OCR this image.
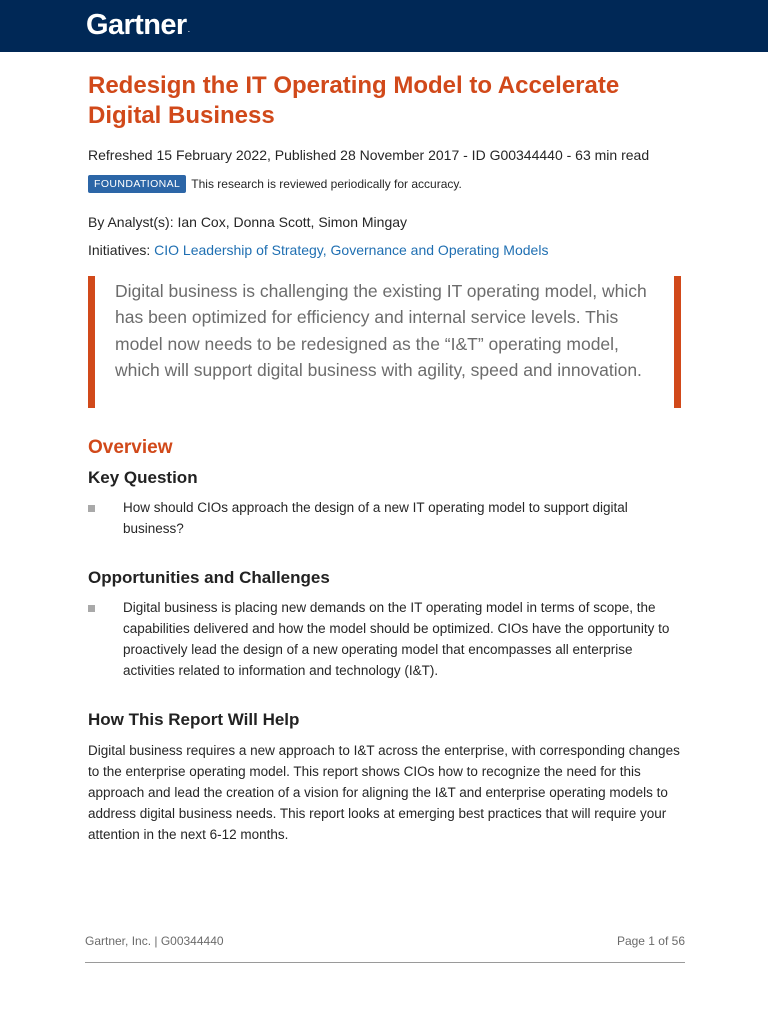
Gartner.
Redesign the IT Operating Model to Accelerate Digital Business
Refreshed 15 February 2022, Published 28 November 2017 - ID G00344440 - 63 min read
FOUNDATIONAL This research is reviewed periodically for accuracy.
By Analyst(s): Ian Cox, Donna Scott, Simon Mingay
Initiatives: CIO Leadership of Strategy, Governance and Operating Models
Digital business is challenging the existing IT operating model, which has been optimized for efficiency and internal service levels. This model now needs to be redesigned as the “I&T” operating model, which will support digital business with agility, speed and innovation.
Overview
Key Question
How should CIOs approach the design of a new IT operating model to support digital business?
Opportunities and Challenges
Digital business is placing new demands on the IT operating model in terms of scope, the capabilities delivered and how the model should be optimized. CIOs have the opportunity to proactively lead the design of a new operating model that encompasses all enterprise activities related to information and technology (I&T).
How This Report Will Help

Digital business requires a new approach to I&T across the enterprise, with corresponding changes to the enterprise operating model. This report shows CIOs how to recognize the need for this approach and lead the creation of a vision for aligning the I&T and enterprise operating models to address digital business needs. This report looks at emerging best practices that will require your attention in the next 6-12 months.

Gartner, Inc. | G00344440	Page 1 of 56
